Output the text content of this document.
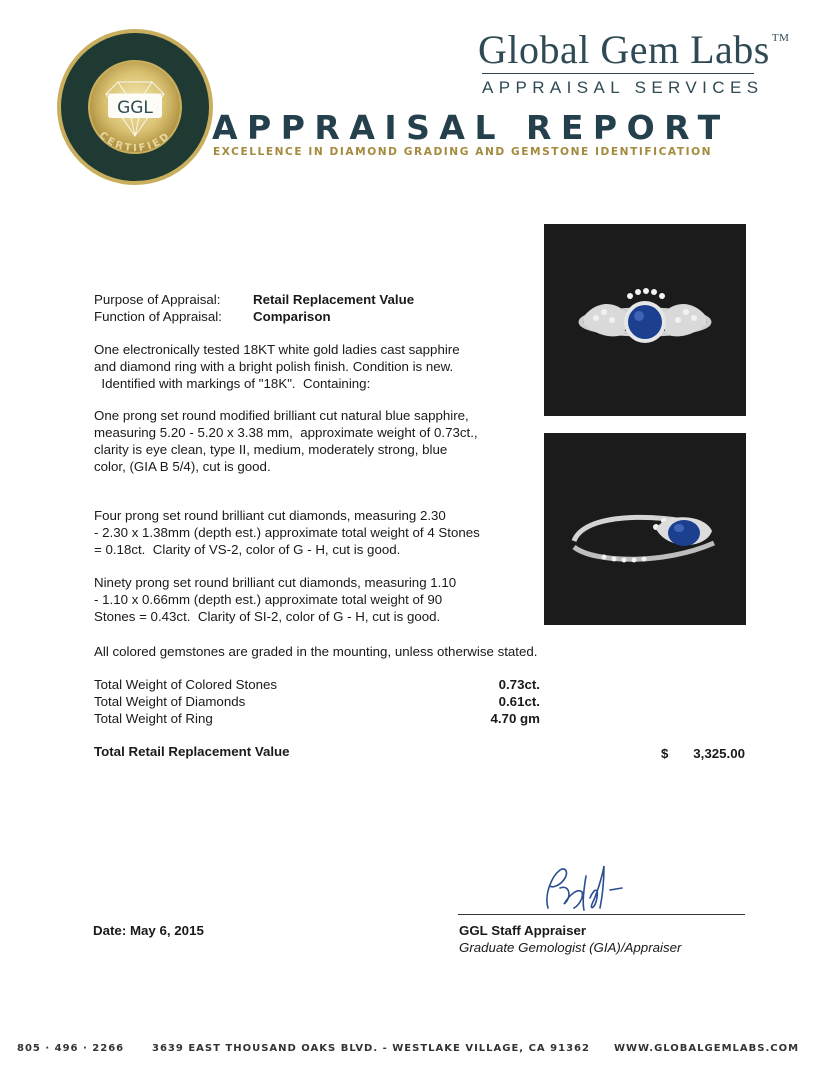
GGL
CERTIFIED
Global Gem Labs ™
APPRAISAL SERVICES
APPRAISAL REPORT
EXCELLENCE IN DIAMOND GRADING AND GEMSTONE IDENTIFICATION
Purpose of Appraisal: Retail Replacement Value
Function of Appraisal: Comparison
One electronically tested 18KT white gold ladies cast sapphire
and diamond ring with a bright polish finish. Condition is new.
Identified with markings of "18K".  Containing:
One prong set round modified brilliant cut natural blue sapphire,
measuring 5.20 - 5.20 x 3.38 mm,  approximate weight of 0.73ct.,
clarity is eye clean, type II, medium, moderately strong, blue
color, (GIA B 5/4), cut is good.
Four prong set round brilliant cut diamonds, measuring 2.30
- 2.30 x 1.38mm (depth est.) approximate total weight of 4 Stones
= 0.18ct.  Clarity of VS-2, color of G - H, cut is good.
Ninety prong set round brilliant cut diamonds, measuring 1.10
- 1.10 x 0.66mm (depth est.) approximate total weight of 90
Stones = 0.43ct.  Clarity of SI-2, color of G - H, cut is good.
All colored gemstones are graded in the mounting, unless otherwise stated.
Total Weight of Colored Stones	0.73ct.
Total Weight of Diamonds	0.61ct.
Total Weight of Ring	4.70 gm
Total Retail Replacement Value	$	3,325.00
Date: May 6, 2015	GGL Staff Appraiser
Graduate Gemologist (GIA)/Appraiser
805 · 496 · 2266	3639 EAST THOUSAND OAKS BLVD. - WESTLAKE VILLAGE, CA 91362 WWW.GLOBALGEMLABS.COM
